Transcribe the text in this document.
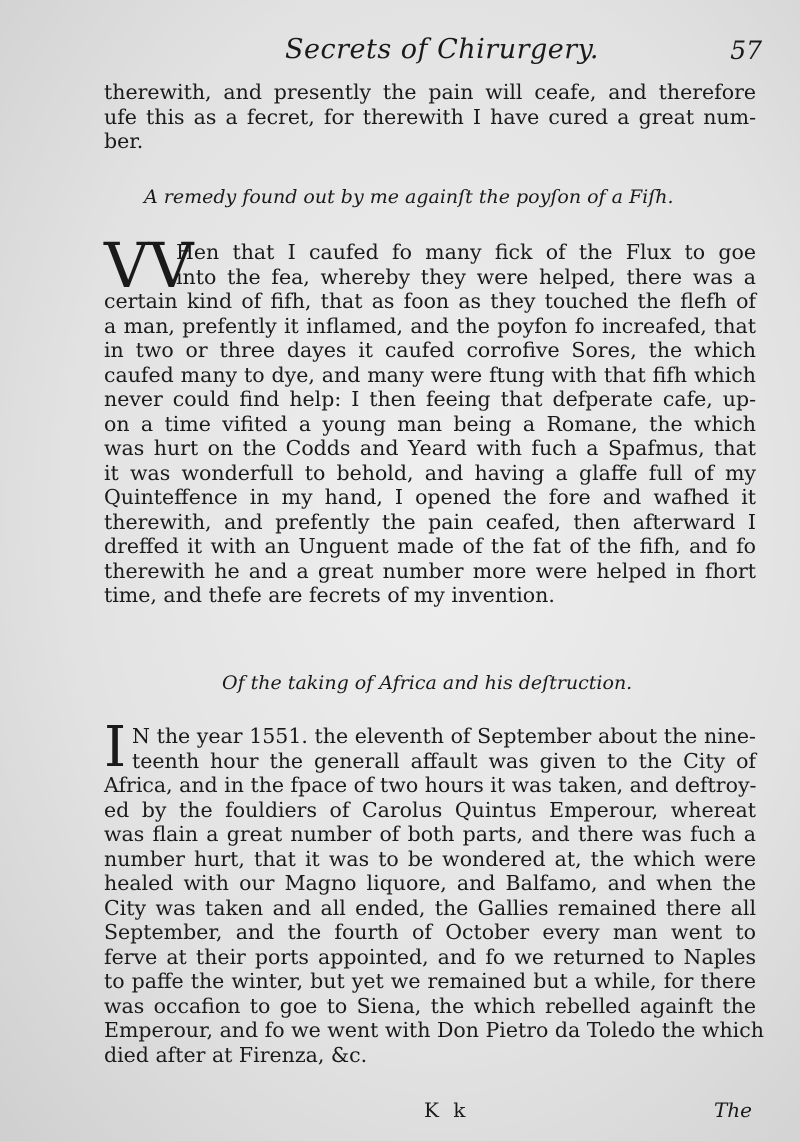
Secrets of Chirurgery.	57
therewith, and presently the pain will ceafe, and therefore
ufe this as a fecret, for therewith I have cured a great num-
ber.
A remedy found out by me againſt the poyſon of a Fiſh.
VV
Hen that I caufed fo many fick of the Flux to goe
into the fea, whereby they were helped, there was a
certain kind of fifh, that as foon as they touched the flefh of
a man, prefently it inflamed, and the poyfon fo increafed, that
in two or three dayes it caufed corrofive Sores, the which
caufed many to dye, and many were ftung with that fifh which
never could find help: I then feeing that defperate cafe, up-
on a time vifited a young man being a Romane, the which
was hurt on the Codds and Yeard with fuch a Spafmus, that
it was wonderfull to behold, and having a glaffe full of my
Quinteffence in my hand, I opened the fore and wafhed it
therewith, and prefently the pain ceafed, then afterward I
dreffed it with an Unguent made of the fat of the fifh, and fo
therewith he and a great number more were helped in fhort
time, and thefe are fecrets of my invention.
Of the taking of Africa and his deſtruction.
I N the year 1551. the eleventh of September about the nine-
teenth hour the generall affault was given to the City of
Africa, and in the fpace of two hours it was taken, and deftroy-
ed by the fouldiers of Carolus Quintus Emperour, whereat
was flain a great number of both parts, and there was fuch a
number hurt, that it was to be wondered at, the which were
healed with our Magno liquore, and Balfamo, and when the
City was taken and all ended, the Gallies remained there all
September, and the fourth of October every man went to
ferve at their ports appointed, and fo we returned to Naples
to paffe the winter, but yet we remained but a while, for there
was occafion to goe to Siena, the which rebelled againft the
Emperour, and fo we went with Don Pietro da Toledo the which
died after at Firenza, &c.
K k	The
